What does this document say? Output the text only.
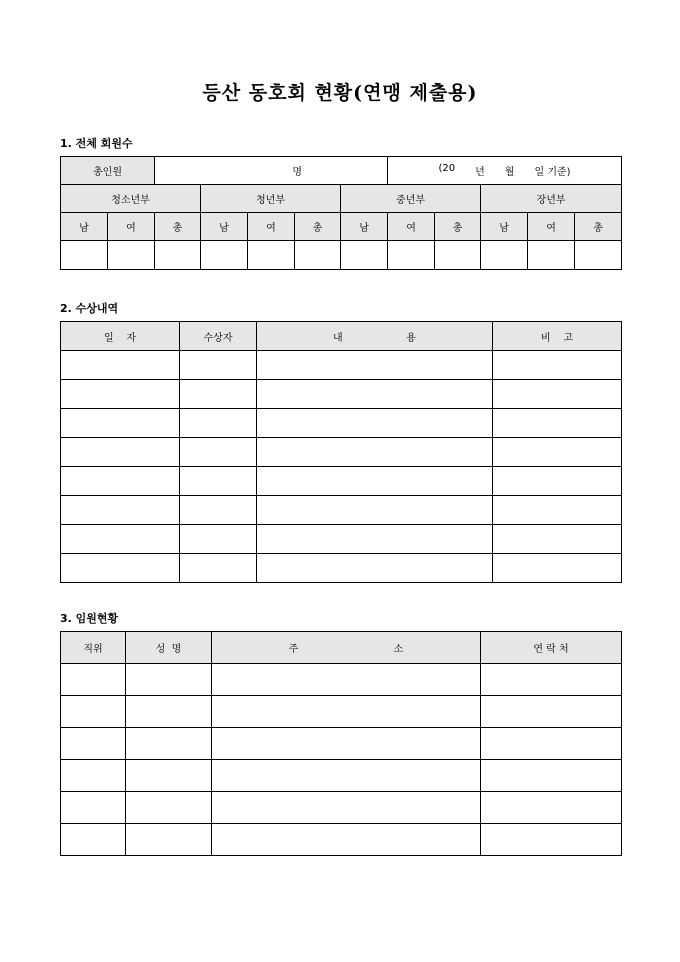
등산 동호회 현황(연맹 제출용)
1. 전체 회원수
총인원		명					(20 년 월 일 기준)				

청소년부			청년부			중년부			장년부		
남	여	총	남	여	총	남	여	총	남	여	총

2. 수상내역
일    자	수상자	내                    용	비    고

3. 임원현황
직위	성  명	주                              소	연 락 처
